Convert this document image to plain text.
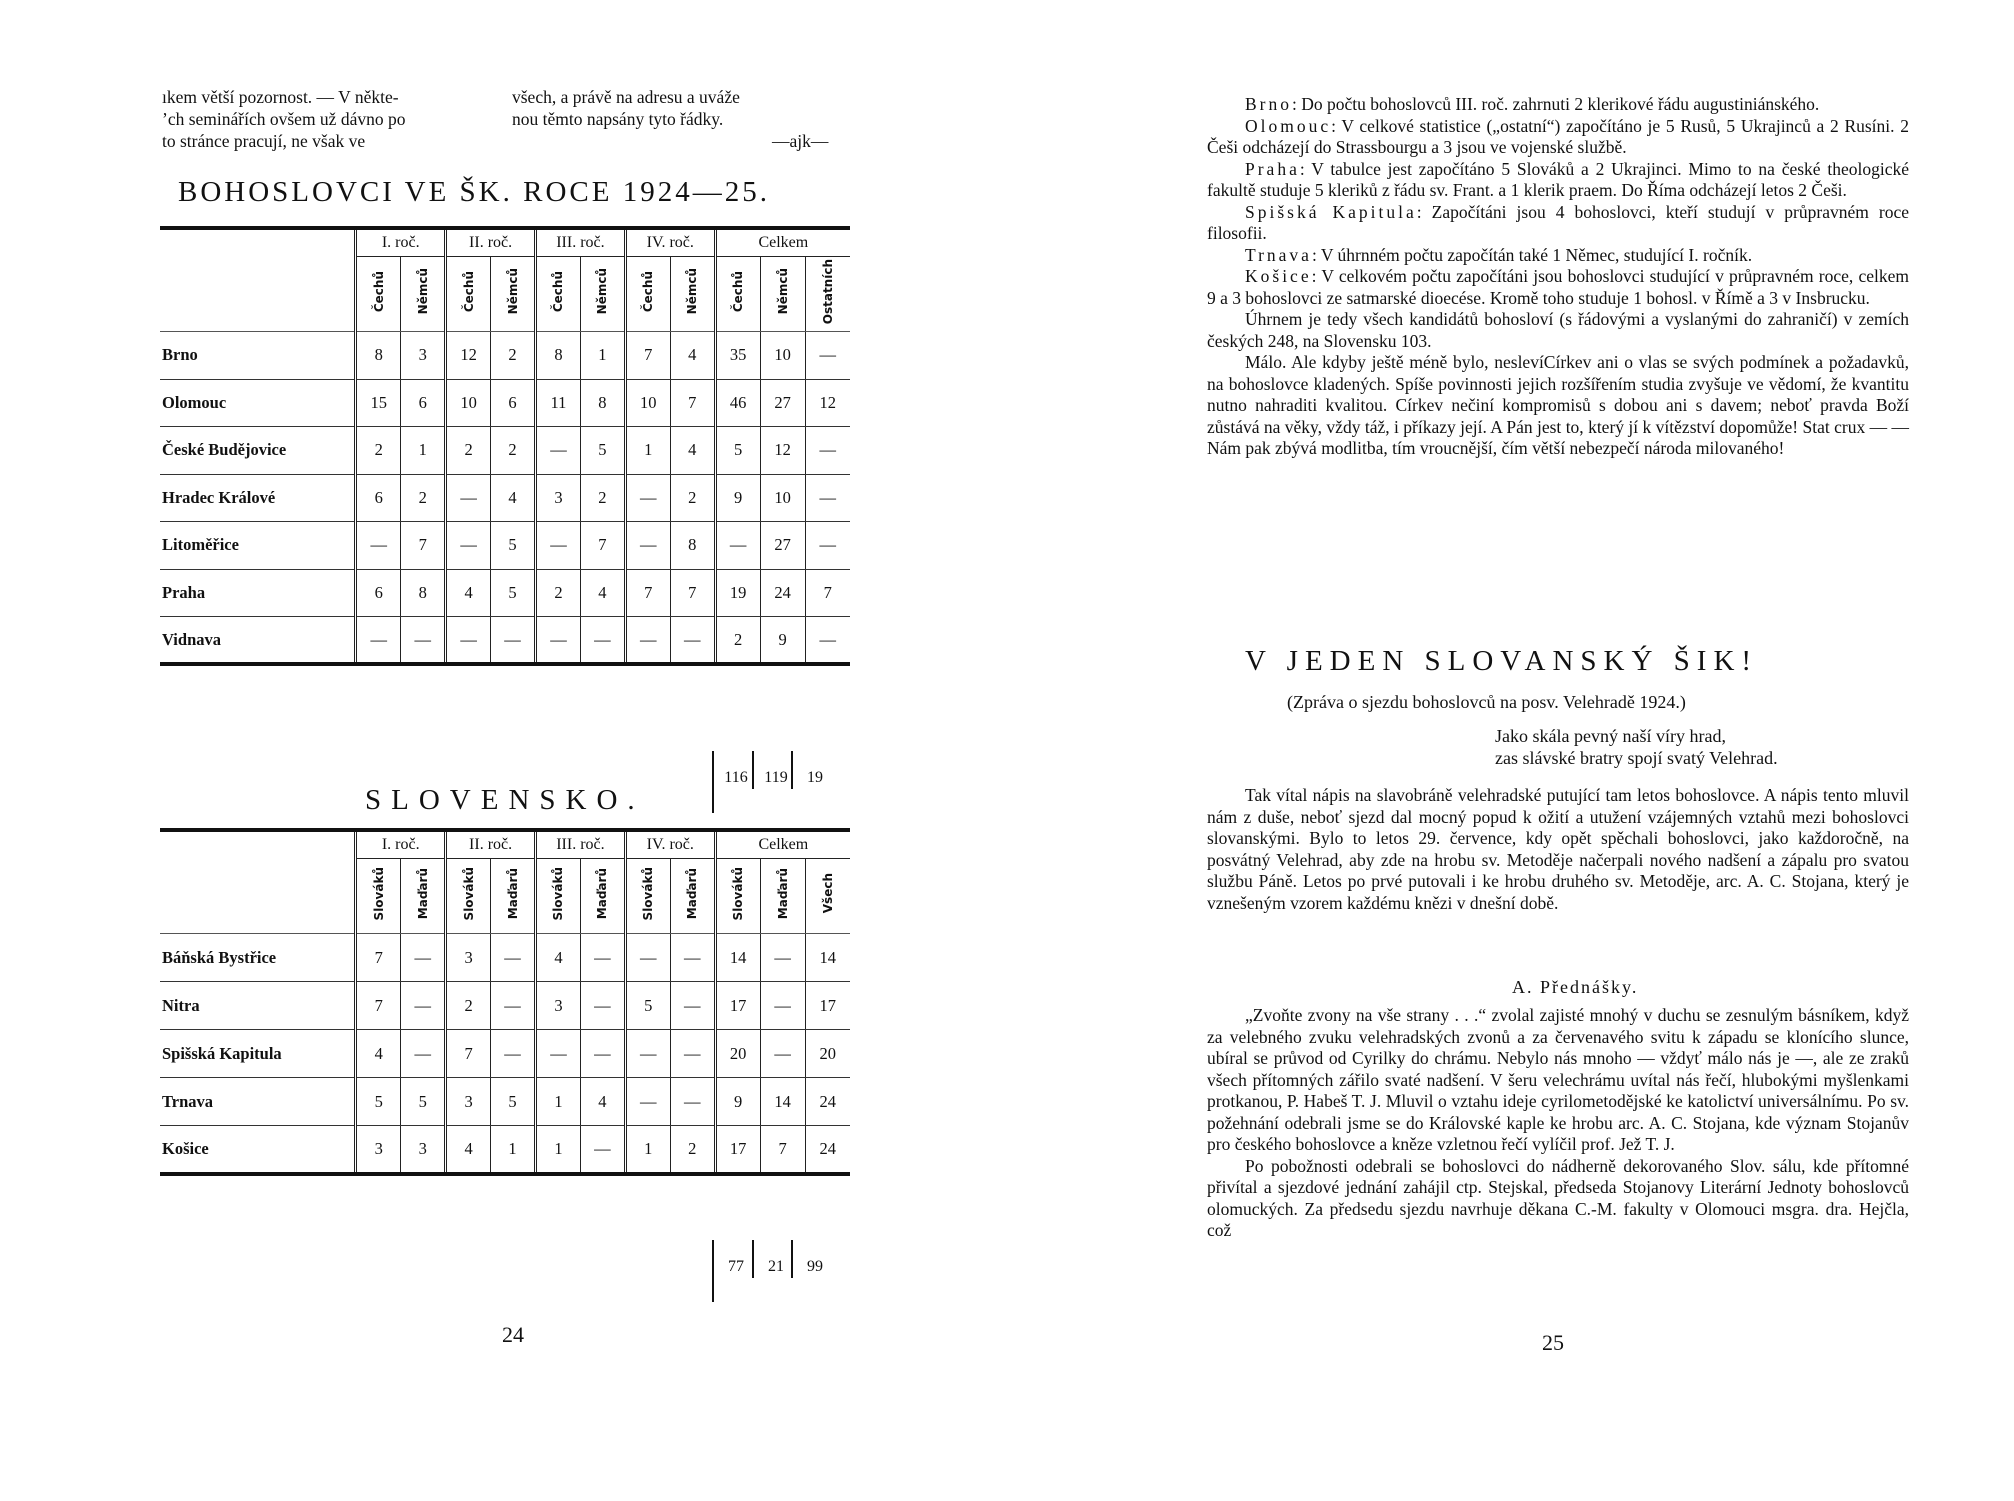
ıkem větší pozornost. — V někte-
ʼch seminářích ovšem už dávno po
to stránce pracují, ne však ve
všech, a právě na adresu a uváže
nou těmto napsány tyto řádky.
—ajk—
BOHOSLOVCI VE ŠK. ROCE 1924—25.
	I. roč.		II. roč.		III. roč.		IV. roč.		Celkem		
	Čechů	Němců	Čechů	Němců	Čechů	Němců	Čechů	Němců	Čechů	Němců	Ostatních
Brno	8	3	12	2	8	1	7	4	35	10	—
Olomouc	15	6	10	6	11	8	10	7	46	27	12
České Budějovice	2	1	2	2	—	5	1	4	5	12	—
Hradec Králové	6	2	—	4	3	2	—	2	9	10	—
Litoměřice	—	7	—	5	—	7	—	8	—	27	—
Praha	6	8	4	5	2	4	7	7	19	24	7
Vidnava	—	—	—	—	—	—	—	—	2	9	—
116	119	19
SLOVENSKO.
	I. roč.		II. roč.		III. roč.		IV. roč.		Celkem		
	Slováků	Maďarů	Slováků	Maďarů	Slováků	Maďarů	Slováků	Maďarů	Slováků	Maďarů	Všech
Báňská Bystřice	7	—	3	—	4	—	—	—	14	—	14
Nitra	7	—	2	—	3	—	5	—	17	—	17
Spišská Kapitula	4	—	7	—	—	—	—	—	20	—	20
Trnava	5	5	3	5	1	4	—	—	9	14	24
Košice	3	3	4	1	1	—	1	2	17	7	24
77	21	99
24

Brno: Do počtu bohoslovců III. roč. zahrnuti 2 klerikové řádu augustiniánského.

Olomouc: V celkové statistice („ostatní“) započítáno je 5 Rusů, 5 Ukrajinců a 2 Rusíni. 2 Češi odcházejí do Strassbourgu a 3 jsou ve vojenské službě.

Praha: V tabulce jest započítáno 5 Slováků a 2 Ukrajinci. Mimo to na české theologické fakultě studuje 5 kleriků z řádu sv. Frant. a 1 klerik praem. Do Říma odcházejí letos 2 Češi.

Spišská Kapitula: Započítáni jsou 4 bohoslovci, kteří studují v průpravném roce filosofii.

Trnava: V úhrnném počtu započítán také 1 Němec, studující I. ročník.

Košice: V celkovém počtu započítáni jsou bohoslovci studující v průpravném roce, celkem 9 a 3 bohoslovci ze satmarské dioecése. Kromě toho studuje 1 bohosl. v Římě a 3 v Insbrucku.

Úhrnem je tedy všech kandidátů bohosloví (s řádovými a vyslanými do zahraničí) v zemích českých 248, na Slovensku 103.

Málo. Ale kdyby ještě méně bylo, neslevíCírkev ani o vlas se svých podmínek a požadavků, na bohoslovce kladených. Spíše povinnosti jejich rozšířením studia zvyšuje ve vědomí, že kvantitu nutno nahraditi kvalitou. Církev nečiní kompromisů s dobou ani s davem; neboť pravda Boží zůstává na věky, vždy táž, i příkazy její. A Pán jest to, který jí k vítězství dopomůže! Stat crux — — Nám pak zbývá modlitba, tím vroucnější, čím větší nebezpečí národa milovaného!

V JEDEN SLOVANSKÝ ŠIK!
(Zpráva o sjezdu bohoslovců na posv. Velehradě 1924.)
Jako skála pevný naší víry hrad,
zas slávské bratry spojí svatý Velehrad.

Tak vítal nápis na slavobráně velehradské putující tam letos bohoslovce. A nápis tento mluvil nám z duše, neboť sjezd dal mocný popud k ožití a utužení vzájemných vztahů mezi bohoslovci slovanskými. Bylo to letos 29. července, kdy opět spěchali bohoslovci, jako každoročně, na posvátný Velehrad, aby zde na hrobu sv. Metoděje načerpali nového nadšení a zápalu pro svatou službu Páně. Letos po prvé putovali i ke hrobu druhého sv. Metoděje, arc. A. C. Stojana, který je vznešeným vzorem každému knězi v dnešní době.

A. Přednášky.

„Zvoňte zvony na vše strany . . .“ zvolal zajisté mnohý v duchu se zesnulým básníkem, když za velebného zvuku velehradských zvonů a za červenavého svitu k západu se klonícího slunce, ubíral se průvod od Cyrilky do chrámu. Nebylo nás mnoho — vždyť málo nás je —, ale ze zraků všech přítomných zářilo svaté nadšení. V šeru velechrámu uvítal nás řečí, hlubokými myšlenkami protkanou, P. Habeš T. J. Mluvil o vztahu ideje cyrilometodějské ke katolictví universálnímu. Po sv. požehnání odebrali jsme se do Královské kaple ke hrobu arc. A. C. Stojana, kde význam Stojanův pro českého bohoslovce a kněze vzletnou řečí vylíčil prof. Jež T. J.

Po pobožnosti odebrali se bohoslovci do nádherně dekorovaného Slov. sálu, kde přítomné přivítal a sjezdové jednání zahájil ctp. Stejskal, předseda Stojanovy Literární Jednoty bohoslovců olomuckých. Za předsedu sjezdu navrhuje děkana C.-M. fakulty v Olomouci msgra. dra. Hejčla, což

25
